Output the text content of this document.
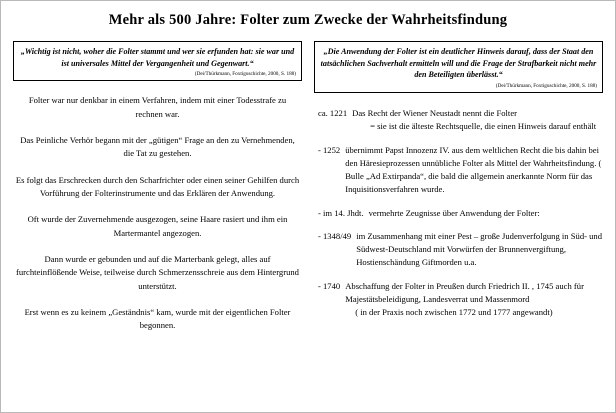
Mehr als 500 Jahre: Folter zum Zwecke der Wahrheitsfindung
„Wichtig ist nicht, woher die Folter stammt und wer sie erfunden hat: sie war und ist universales Mittel der Vergangenheit und Gegenwart.“
(Dei/Thürkmann, Foxtiguschichte, 2000, S. 188)

Folter war nur denkbar in einem Verfahren, indem mit einer Todesstrafe zu rechnen war.

Das Peinliche Verhör begann mit der „gütigen“ Frage an den zu Vernehmenden, die Tat zu gestehen.

Es folgt das Erschrecken durch den Scharfrichter oder einen seiner Gehilfen durch Vorführung der Folterinstrumente und das Erklären der Anwendung.

Oft wurde der Zuvernehmende ausgezogen, seine Haare rasiert und ihm ein Martermantel angezogen.

Dann wurde er gebunden und auf die Marterbank gelegt, alles auf furchteinflößende Weise, teilweise durch Schmerzensschreie aus dem Hintergrund unterstützt.

Erst wenn es zu keinem „Geständnis“ kam, wurde mit der eigentlichen Folter begonnen.

„Die Anwendung der Folter ist ein deutlicher Hinweis darauf, dass der Staat den tatsächlichen Sachverhalt ermitteln will und die Frage der Strafbarkeit nicht mehr den Beteiligten überlässt.“
(Dei/Thürkmann, Foxtiguschichte, 2000, S. 188)
ca. 1221 Das Recht der Wiener Neustadt nennt die Folter
= sie ist die älteste Rechtsquelle, die einen Hinweis darauf enthält
- 1252 übernimmt Papst Innozenz IV. aus dem weltlichen Recht die bis dahin bei den Häresieprozessen unnübliche Folter als Mittel der Wahrheitsfindung. ( Bulle „Ad Extirpanda“, die bald die allgemein anerkannte Norm für das Inquisitionsverfahren wurde.
- im 14. Jhdt. vermehrte Zeugnisse über Anwendung der Folter:
- 1348/49 im Zusammenhang mit einer Pest – große Judenverfolgung in Süd- und Südwest-Deutschland mit Vorwürfen der Brunnenvergiftung, Hostienschändung Giftmorden u.a.
- 1740 Abschaffung der Folter in Preußen durch Friedrich II. , 1745 auch für Majestätsbeleidigung, Landesverrat und Massenmord
( in der Praxis noch zwischen 1772 und 1777 angewandt)
